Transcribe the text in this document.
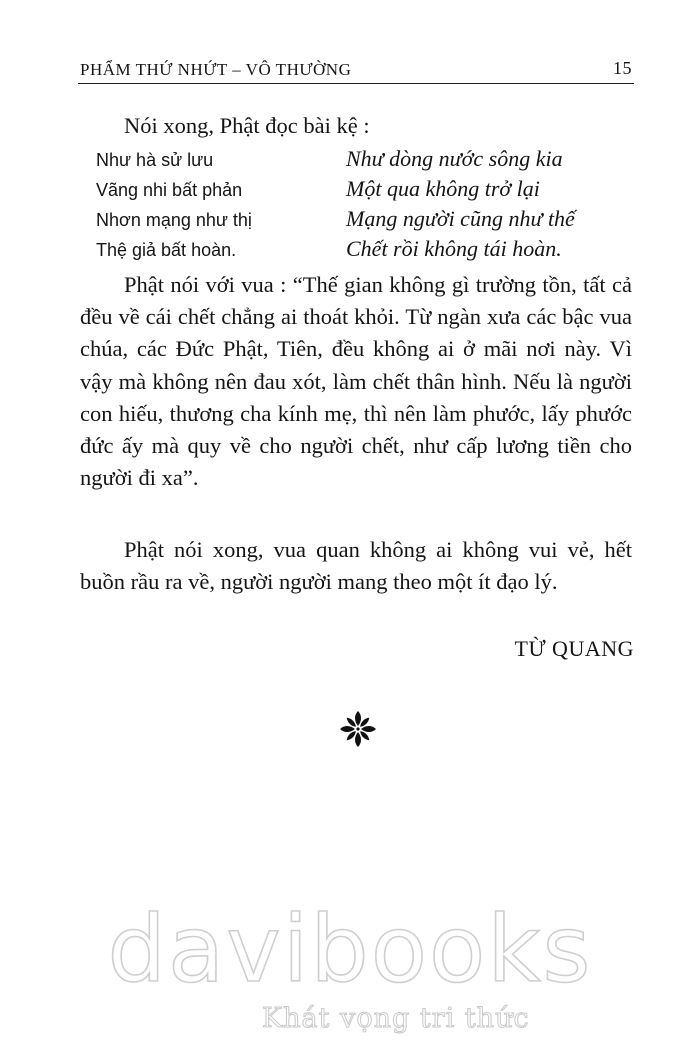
PHẨM THỨ NHỨT – VÔ THƯỜNG	15

Nói xong, Phật đọc bài kệ :

Như hà sử lưu	Như dòng nước sông kia
Vãng nhi bất phản	Một qua không trở lại
Nhơn mạng như thị	Mạng người cũng như thế
Thệ giả bất hoàn.	Chết rồi không tái hoàn.

Phật nói với vua : “Thế gian không gì trường tồn, tất cả đều về cái chết chẳng ai thoát khỏi. Từ ngàn xưa các bậc vua chúa, các Đức Phật, Tiên, đều không ai ở mãi nơi này. Vì vậy mà không nên đau xót, làm chết thân hình. Nếu là người con hiếu, thương cha kính mẹ, thì nên làm phước, lấy phước đức ấy mà quy về cho người chết, như cấp lương tiền cho người đi xa”.

Phật nói xong, vua quan không ai không vui vẻ, hết buồn rầu ra về, người người mang theo một ít đạo lý.

TỪ QUANG
davibooks
Khát vọng tri thức
